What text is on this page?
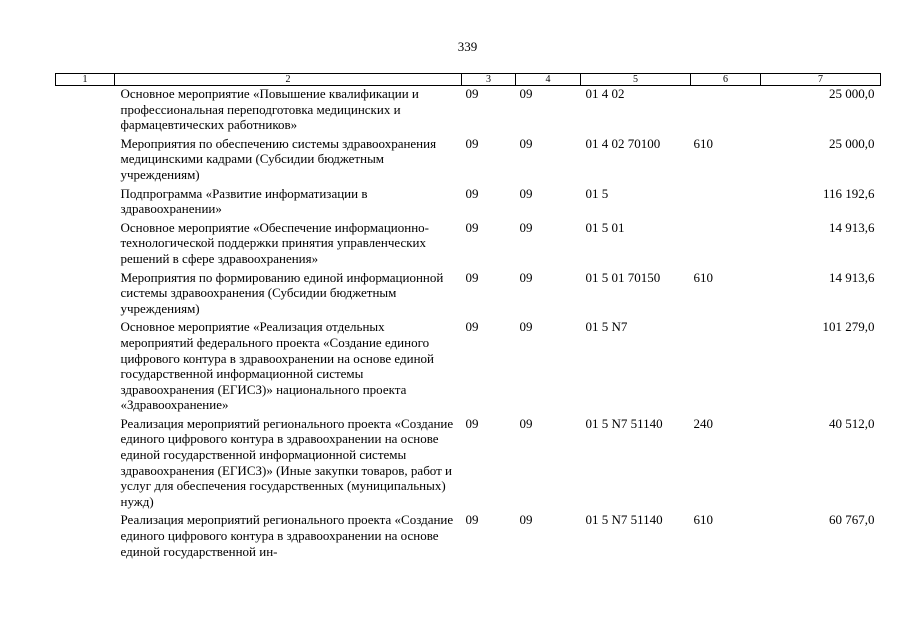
339
1	2	3	4	5	6	7
	Основное мероприятие «Повышение квалификации и профессиональная переподготовка медицинских и фармацевтических работников»	09	09	01 4 02		25 000,0
	Мероприятия по обеспечению системы здравоохранения медицинскими кадрами (Субсидии бюджетным учреждениям)	09	09	01 4 02 70100	610	25 000,0
	Подпрограмма «Развитие информатизации в здравоохранении»	09	09	01 5		116 192,6
	Основное мероприятие «Обеспечение информационно-технологической поддержки принятия управленческих решений в сфере здравоохранения»	09	09	01 5 01		14 913,6
	Мероприятия по формированию единой информационной системы здравоохранения (Субсидии бюджетным учреждениям)	09	09	01 5 01 70150	610	14 913,6
	Основное мероприятие «Реализация отдельных мероприятий федерального проекта «Создание единого цифрового контура в здравоохранении на основе единой государственной информационной системы здравоохранения (ЕГИСЗ)» национального проекта «Здравоохранение»	09	09	01 5 N7		101 279,0
	Реализация мероприятий регионального проекта «Создание единого цифрового контура в здравоохранении на основе единой государственной информационной системы здравоохранения (ЕГИСЗ)» (Иные закупки товаров, работ и услуг для обеспечения государственных (муниципальных) нужд)	09	09	01 5 N7 51140	240	40 512,0
	Реализация мероприятий регионального проекта «Создание единого цифрового контура в здравоохранении на основе единой государственной ин-	09	09	01 5 N7 51140	610	60 767,0
